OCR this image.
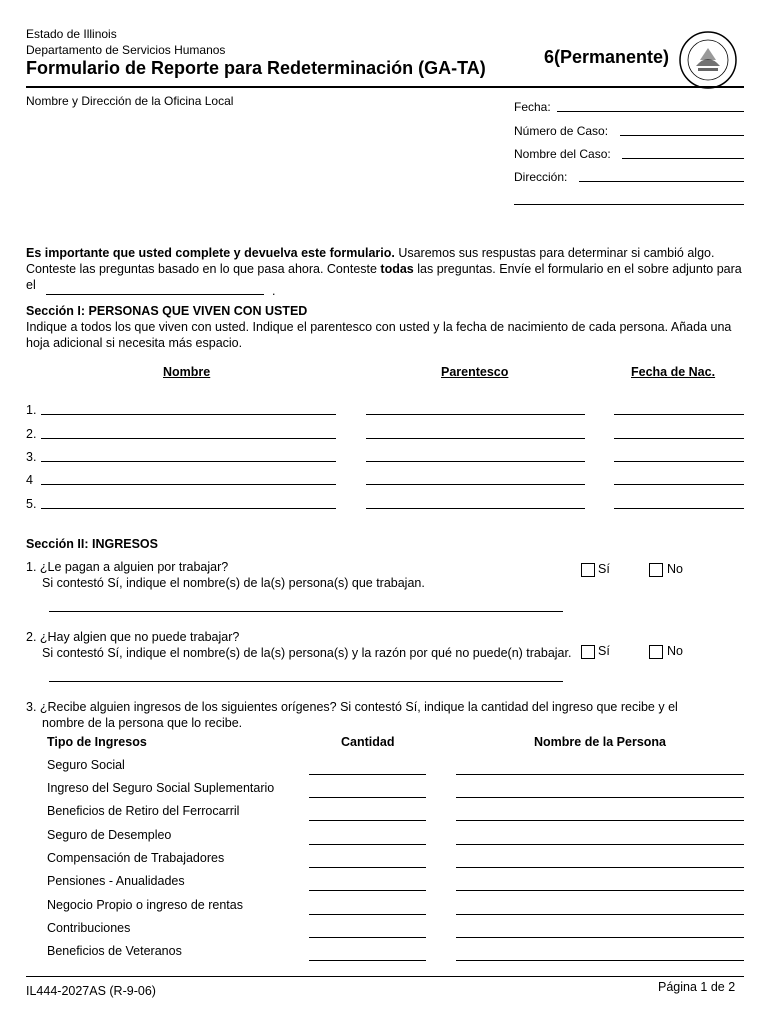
Estado de Illinois
Departamento de Servicios Humanos
Formulario de Reporte para Redeterminación (GA-TA)
6(Permanente)
Nombre y Dirección de la Oficina Local	Fecha:
Número de Caso:
Nombre del Caso:
Dirección:
Es importante que usted complete y devuelva este formulario. Usaremos sus respustas para determinar si cambió algo.
Conteste las preguntas basado en lo que pasa ahora. Conteste todas las preguntas. Envíe el formulario en el sobre adjunto para
el	.
Sección I: PERSONAS QUE VIVEN CON USTED
Indique a todos los que viven con usted. Indique el parentesco con usted y la fecha de nacimiento de cada persona. Añada una
hoja adicional si necesita más espacio.
Nombre	Parentesco	Fecha de Nac.
1.
2.
3.
4
5.
Sección II: INGRESOS
1. ¿Le pagan a alguien por trabajar?
Si contestó Sí, indique el nombre(s) de la(s) persona(s) que trabajan.
Sí	No
2. ¿Hay algien que no puede trabajar?
Si contestó Sí, indique el nombre(s) de la(s) persona(s) y la razón por qué no puede(n) trabajar. Sí	No
3. ¿Recibe alguien ingresos de los siguientes orígenes? Si contestó Sí, indique la cantidad del ingreso que recibe y el
nombre de la persona que lo recibe.
Tipo de Ingresos	Cantidad	Nombre de la Persona
Seguro Social
Ingreso del Seguro Social Suplementario
Beneficios de Retiro del Ferrocarril
Seguro de Desempleo
Compensación de Trabajadores
Pensiones - Anualidades
Negocio Propio o ingreso de rentas
Contribuciones
Beneficios de Veteranos
IL444-2027AS (R-9-06)	Página 1 de 2
